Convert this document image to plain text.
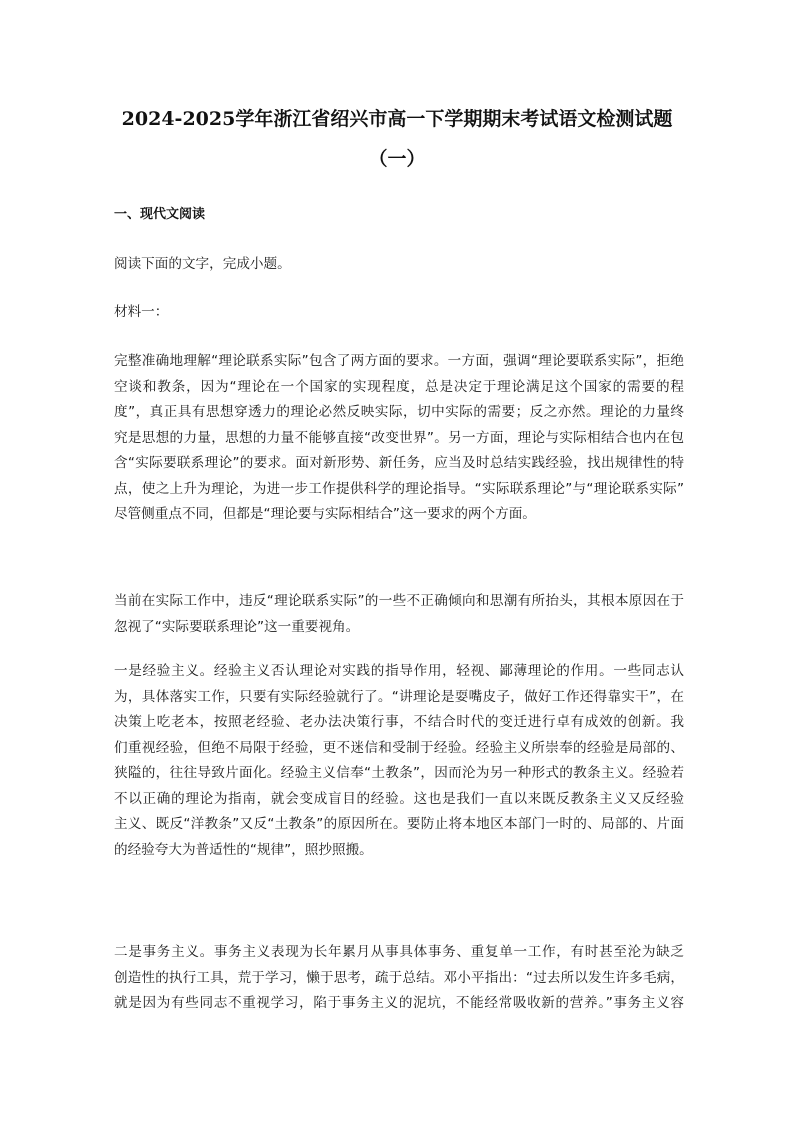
2024-2025学年浙江省绍兴市高一下学期期末考试语文检测试题
（一）
一、现代文阅读

阅读下面的文字，完成小题。

材料一：

完整准确地理解“理论联系实际”包含了两方面的要求。一方面，强调“理论要联系实际”，拒绝
空谈和教条，因为“理论在一个国家的实现程度，总是决定于理论满足这个国家的需要的程
度”，真正具有思想穿透力的理论必然反映实际，切中实际的需要；反之亦然。理论的力量终
究是思想的力量，思想的力量不能够直接“改变世界”。另一方面，理论与实际相结合也内在包
含“实际要联系理论”的要求。面对新形势、新任务，应当及时总结实践经验，找出规律性的特
点，使之上升为理论，为进一步工作提供科学的理论指导。“实际联系理论”与“理论联系实际”
尽管侧重点不同，但都是“理论要与实际相结合”这一要求的两个方面。
当前在实际工作中，违反“理论联系实际”的一些不正确倾向和思潮有所抬头，其根本原因在于
忽视了“实际要联系理论”这一重要视角。
一是经验主义。经验主义否认理论对实践的指导作用，轻视、鄙薄理论的作用。一些同志认
为，具体落实工作，只要有实际经验就行了。“讲理论是耍嘴皮子，做好工作还得靠实干”，在
决策上吃老本，按照老经验、老办法决策行事，不结合时代的变迁进行卓有成效的创新。我
们重视经验，但绝不局限于经验，更不迷信和受制于经验。经验主义所崇奉的经验是局部的、
狭隘的，往往导致片面化。经验主义信奉“土教条”，因而沦为另一种形式的教条主义。经验若
不以正确的理论为指南，就会变成盲目的经验。这也是我们一直以来既反教条主义又反经验
主义、既反“洋教条”又反“土教条”的原因所在。要防止将本地区本部门一时的、局部的、片面
的经验夸大为普适性的“规律”，照抄照搬。
二是事务主义。事务主义表现为长年累月从事具体事务、重复单一工作，有时甚至沦为缺乏
创造性的执行工具，荒于学习，懒于思考，疏于总结。邓小平指出：“过去所以发生许多毛病，
就是因为有些同志不重视学习，陷于事务主义的泥坑，不能经常吸收新的营养。”事务主义容
